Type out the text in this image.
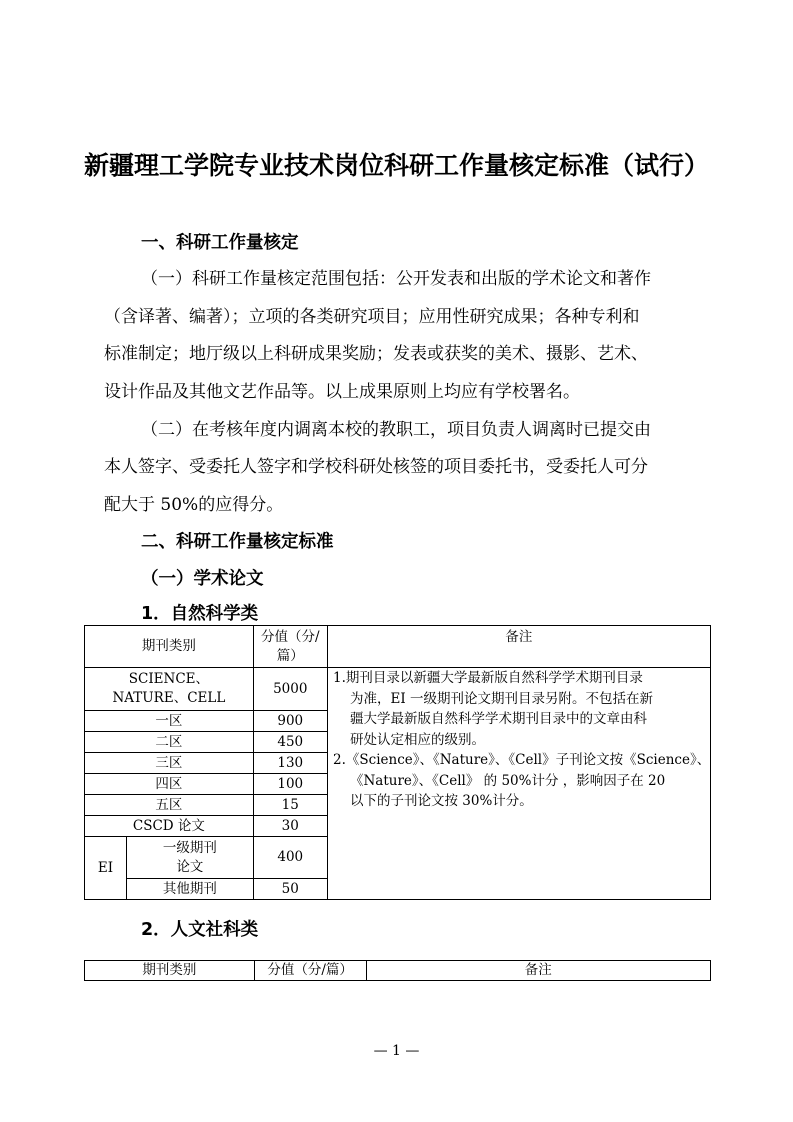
新疆理工学院专业技术岗位科研工作量核定标准（试行）
一、科研工作量核定
（一）科研工作量核定范围包括：公开发表和出版的学术论文和著作
（含译著、编著）；立项的各类研究项目；应用性研究成果；各种专利和
标准制定；地厅级以上科研成果奖励；发表或获奖的美术、摄影、艺术、
设计作品及其他文艺作品等。以上成果原则上均应有学校署名。
（二）在考核年度内调离本校的教职工，项目负责人调离时已提交由
本人签字、受委托人签字和学校科研处核签的项目委托书，受委托人可分
配大于 50%的应得分。
二、科研工作量核定标准
（一）学术论文
1．自然科学类
期刊类别		分值（分/
篇）	备注

SCIENCE、
NATURE、CELL		5000	
一区		900	
二区		450	
三区		130	
四区		100	
五区		15	
CSCD 论文		30	
EI	一级期刊
论文	400	
	其他期刊	50	
1.期刊目录以新疆大学最新版自然科学学术期刊目录
为准，EI 一级期刊论文期刊目录另附。不包括在新
疆大学最新版自然科学学术期刊目录中的文章由科
研处认定相应的级别。
2.《Science》、《Nature》、《Cell》子刊论文按《Science》、
《Nature》、《Cell》 的 50%计分 ，影响因子在 20
以下的子刊论文按 30%计分。
2．人文社科类
期刊类别	分值（分/篇）	备注
— 1 —
